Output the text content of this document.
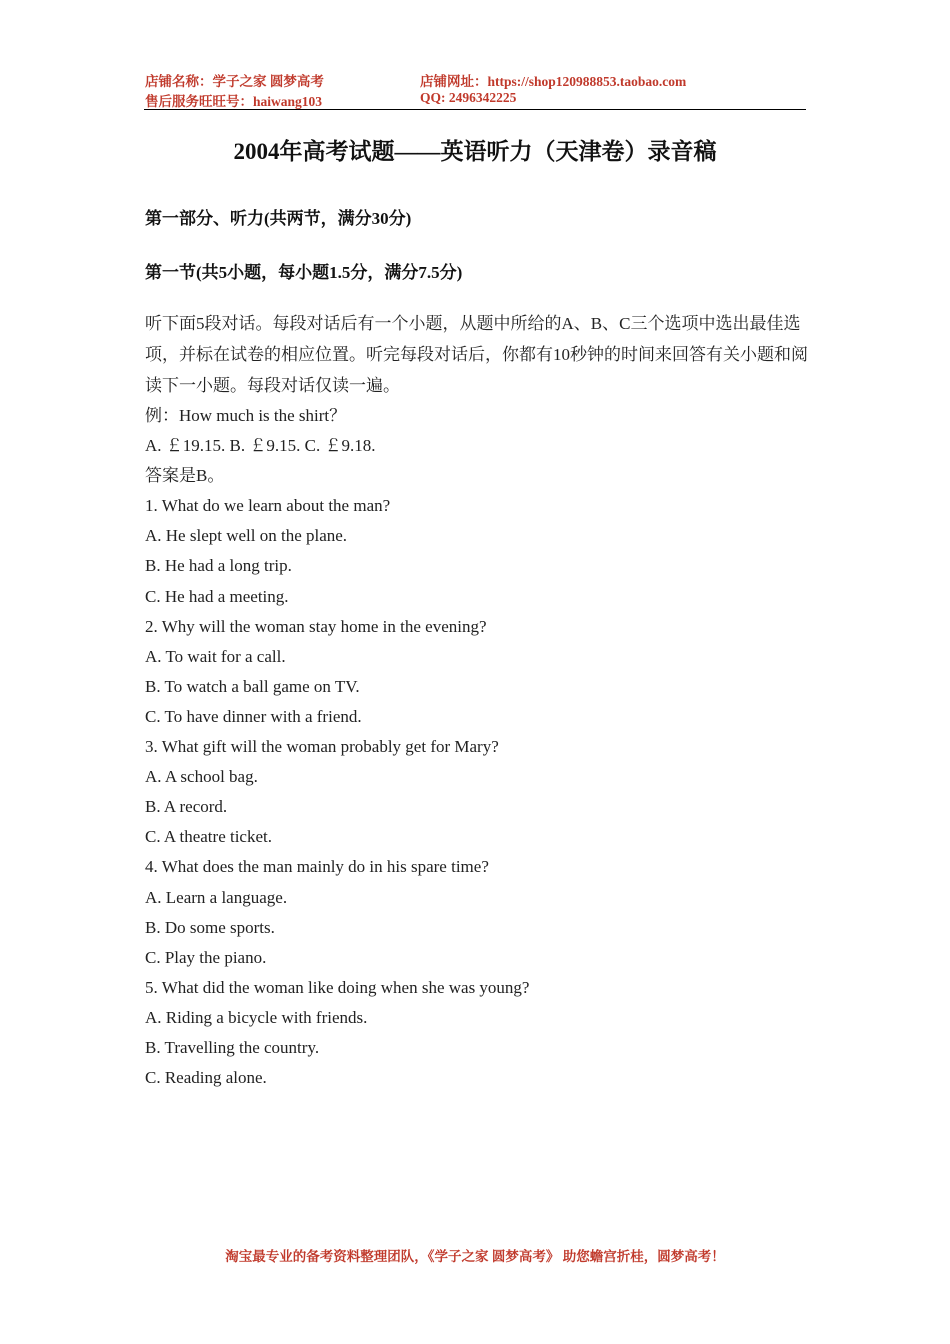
店铺名称：学子之家 圆梦高考	店铺网址：https://shop120988853.taobao.com
售后服务旺旺号：haiwang103	QQ: 2496342225
2004年高考试题——英语听力（天津卷）录音稿
第一部分、听力(共两节，满分30分)
第一节(共5小题，每小题1.5分，满分7.5分)

听下面5段对话。每段对话后有一个小题，从题中所给的A、B、C三个选项中选出最佳选项，并标在试卷的相应位置。听完每段对话后，你都有10秒钟的时间来回答有关小题和阅读下一小题。每段对话仅读一遍。

例：How much is the shirt？
A. ￡19.15. B. ￡9.15. C. ￡9.18.
答案是B。
1. What do we learn about the man?
A. He slept well on the plane.
B. He had a long trip.
C. He had a meeting.
2. Why will the woman stay home in the evening?
A. To wait for a call.
B. To watch a ball game on TV.
C. To have dinner with a friend.
3. What gift will the woman probably get for Mary?
A. A school bag.
B. A record.
C. A theatre ticket.
4. What does the man mainly do in his spare time?
A. Learn a language.
B. Do some sports.
C. Play the piano.
5. What did the woman like doing when she was young?
A. Riding a bicycle with friends.
B. Travelling the country.
C. Reading alone.
淘宝最专业的备考资料整理团队，《学子之家 圆梦高考》 助您蟾宫折桂，圆梦高考！
